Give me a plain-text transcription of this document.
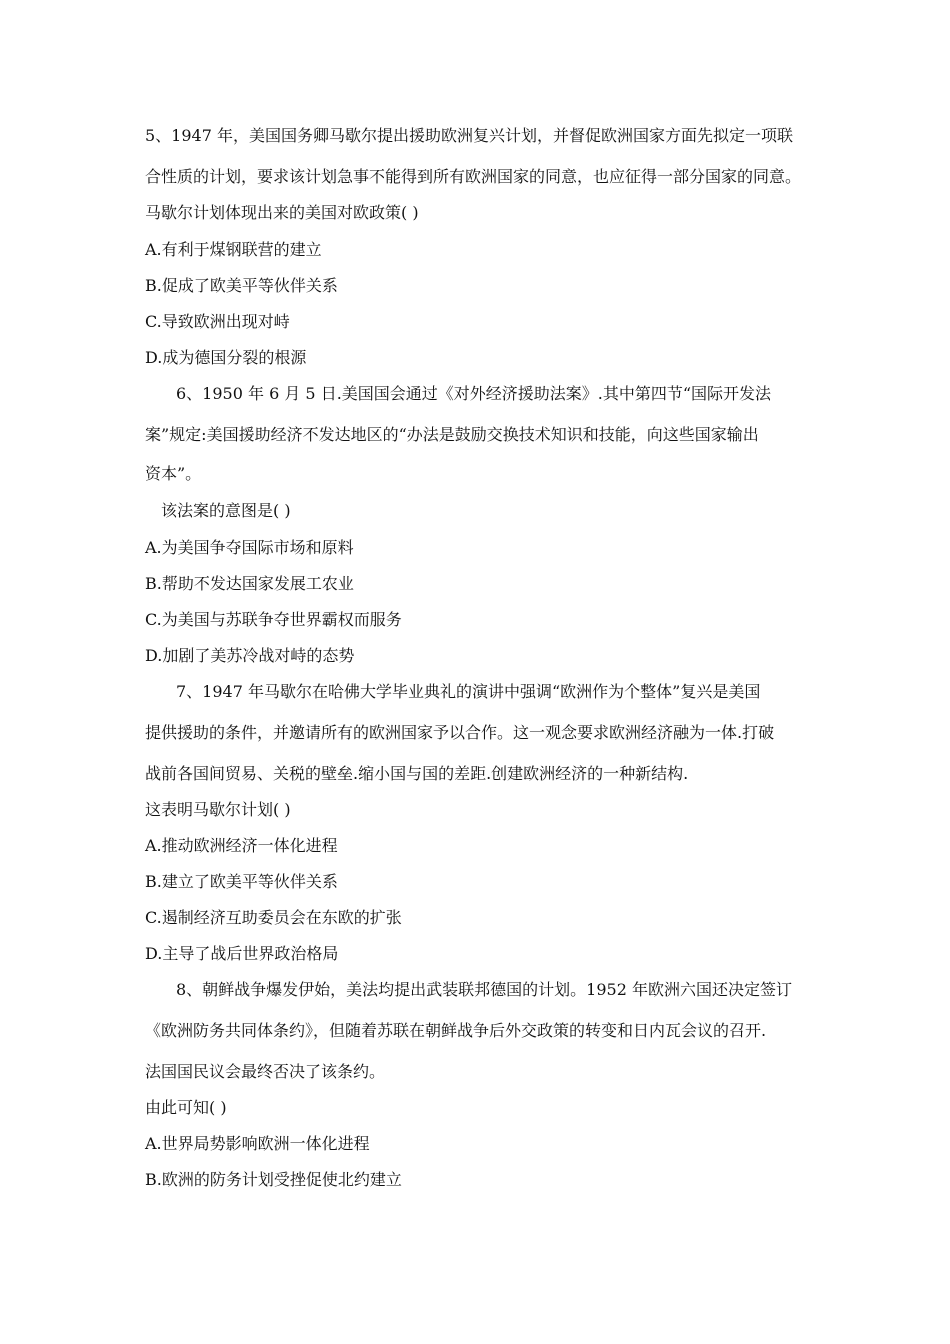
5、1947 年，美国国务卿马歇尔提出援助欧洲复兴计划，并督促欧洲国家方面先拟定一项联
合性质的计划，要求该计划急事不能得到所有欧洲国家的同意，也应征得一部分国家的同意。
马歇尔计划体现出来的美国对欧政策( )
A.有利于煤钢联营的建立
B.促成了欧美平等伙伴关系
C.导致欧洲出现对峙
D.成为德国分裂的根源
6、1950 年 6 月 5 日.美国国会通过《对外经济援助法案》.其中第四节“国际开发法
案”规定:美国援助经济不发达地区的“办法是鼓励交换技术知识和技能，向这些国家输出
资本”。
该法案的意图是( )
A.为美国争夺国际市场和原料
B.帮助不发达国家发展工农业
C.为美国与苏联争夺世界霸权而服务
D.加剧了美苏冷战对峙的态势
7、1947 年马歇尔在哈佛大学毕业典礼的演讲中强调“欧洲作为个整体”复兴是美国
提供援助的条件，并邀请所有的欧洲国家予以合作。这一观念要求欧洲经济融为一体.打破
战前各国间贸易、关税的壁垒.缩小国与国的差距.创建欧洲经济的一种新结构.
这表明马歇尔计划( )
A.推动欧洲经济一体化进程
B.建立了欧美平等伙伴关系
C.遏制经济互助委员会在东欧的扩张
D.主导了战后世界政治格局
8、朝鲜战争爆发伊始，美法均提出武装联邦德国的计划。1952 年欧洲六国还决定签订
《欧洲防务共同体条约》，但随着苏联在朝鲜战争后外交政策的转变和日内瓦会议的召开.
法国国民议会最终否决了该条约。
由此可知( )
A.世界局势影响欧洲一体化进程
B.欧洲的防务计划受挫促使北约建立
